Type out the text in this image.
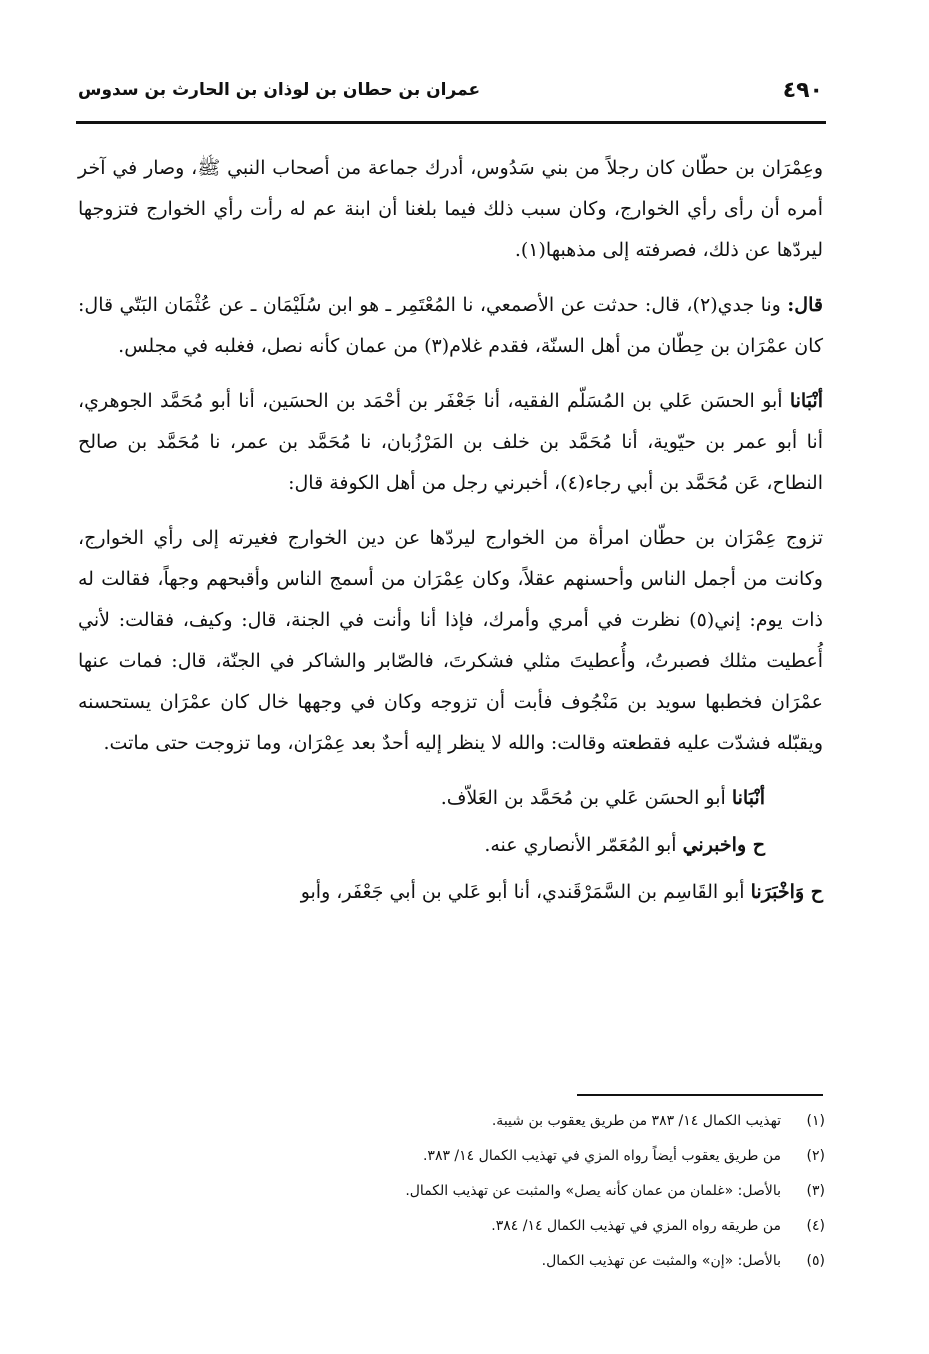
٤٩٠
عمران بن حطان بن لوذان بن الحارث بن سدوس

وعِمْرَان بن حطّان كان رجلاً من بني سَدُوس، أدرك جماعة من أصحاب النبي ﷺ، وصار في آخر أمره أن رأى رأي الخوارج، وكان سبب ذلك فيما بلغنا أن ابنة عم له رأت رأي الخوارج فتزوجها ليردّها عن ذلك، فصرفته إلى مذهبها(١).

قال: ونا جدي(٢)، قال: حدثت عن الأصمعي، نا المُعْتَمِر ـ هو ابن سُلَيْمَان ـ عن عُثْمَان البَتّي قال: كان عمْرَان بن حِطّان من أهل السنّة، فقدم غلام(٣) من عمان كأنه نصل، فغلبه في مجلس.

أنْبَانا أبو الحسَن عَلي بن المُسَلّم الفقيه، أنا جَعْفَر بن أحْمَد بن الحسَين، أنا أبو مُحَمَّد الجوهري، أنا أبو عمر بن حيّوية، أنا مُحَمَّد بن خلف بن المَرْزُبان، نا مُحَمَّد بن عمر، نا مُحَمَّد بن صالح النطاح، عَن مُحَمَّد بن أبي رجاء(٤)، أخبرني رجل من أهل الكوفة قال:

تزوج عِمْرَان بن حطّان امرأة من الخوارج ليردّها عن دين الخوارج فغيرته إلى رأي الخوارج، وكانت من أجمل الناس وأحسنهم عقلاً، وكان عِمْرَان من أسمج الناس وأقبحهم وجهاً، فقالت له ذات يوم: إني(٥) نظرت في أمري وأمرك، فإذا أنا وأنت في الجنة، قال: وكيف، فقالت: لأني أُعطيت مثلك فصبرتُ، وأُعطيتَ مثلي فشكرتَ، فالصّابر والشاكر في الجنّة، قال: فمات عنها عمْرَان فخطبها سويد بن مَنْجُوف فأبت أن تزوجه وكان في وجهها خال كان عمْرَان يستحسنه ويقبّله فشدّت عليه فقطعته وقالت: والله لا ينظر إليه أحدٌ بعد عِمْرَان، وما تزوجت حتى ماتت.

أنْبَانا أبو الحسَن عَلي بن مُحَمَّد بن العَلاّف.

ح واخبرني أبو المُعَمّر الأنصاري عنه.

ح وَاخْبَرَنا أبو القَاسِم بن السَّمَرْقَندي، أنا أبو عَلي بن أبي جَعْفَر، وأبو

(١)
تهذيب الكمال ١٤/ ٣٨٣ من طريق يعقوب بن شيبة.
(٢)
من طريق يعقوب أيضاً رواه المزي في تهذيب الكمال ١٤/ ٣٨٣.
(٣)
بالأصل: «غلمان من عمان كأنه يصل» والمثبت عن تهذيب الكمال.
(٤)
من طريقه رواه المزي في تهذيب الكمال ١٤/ ٣٨٤.
(٥)
بالأصل: «إن» والمثبت عن تهذيب الكمال.
